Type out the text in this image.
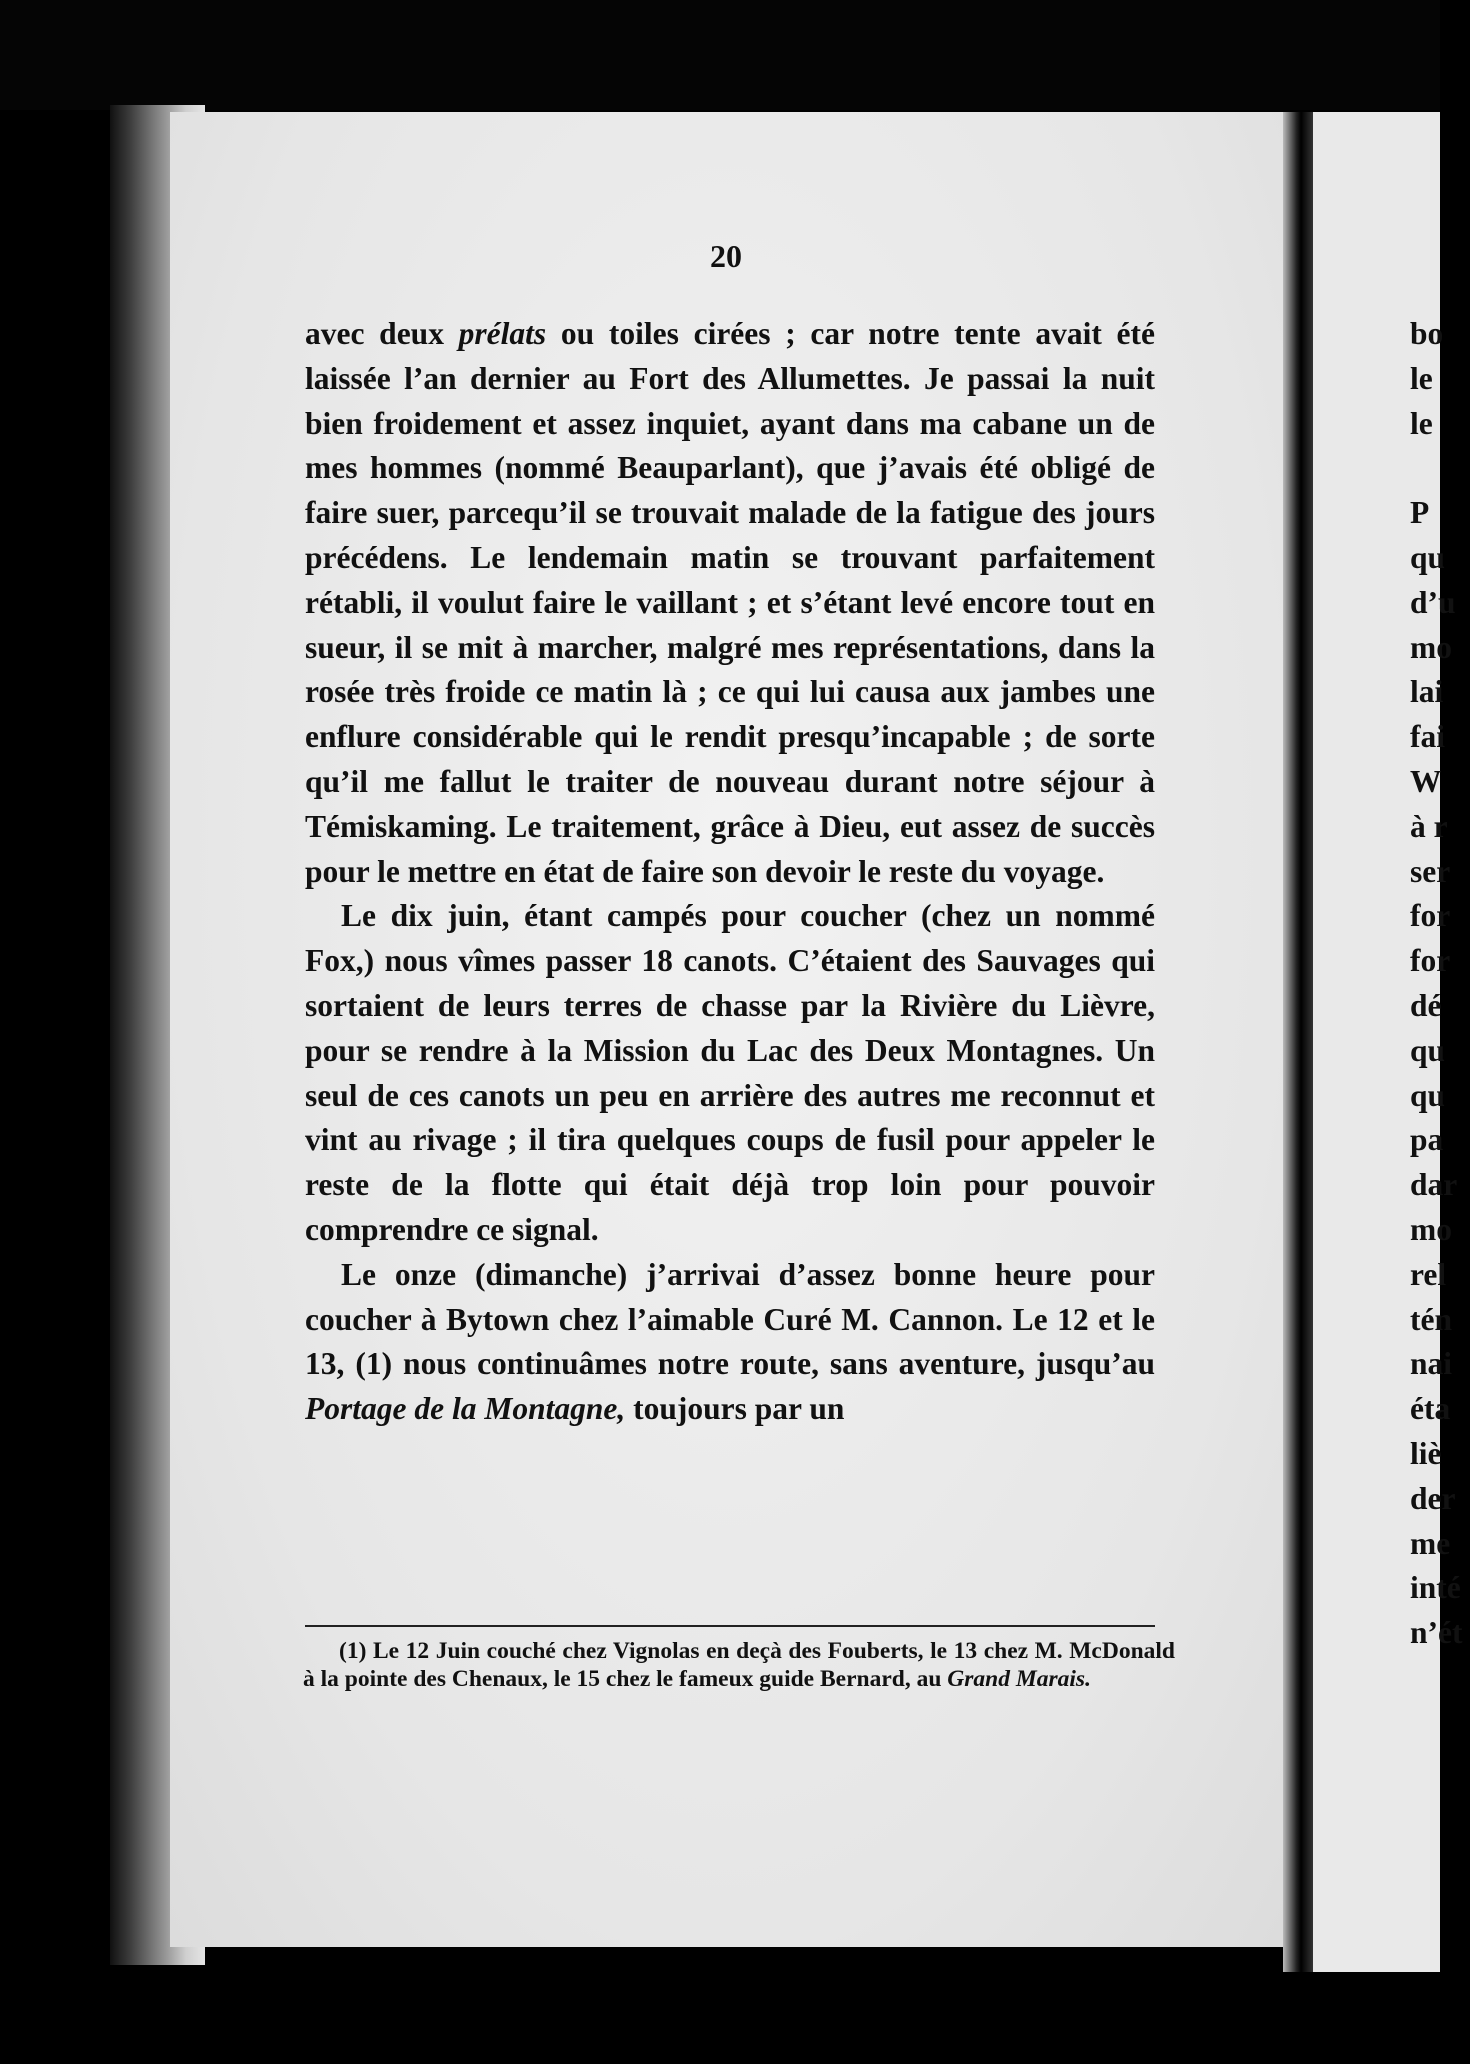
20

avec deux prélats ou toiles cirées ; car notre tente avait été laissée l’an dernier au Fort des Allumettes. Je passai la nuit bien froidement et assez inquiet, ayant dans ma cabane un de mes hommes (nommé Beauparlant), que j’avais été obligé de faire suer, parcequ’il se trouvait malade de la fatigue des jours précédens. Le lendemain matin se trouvant parfaitement rétabli, il voulut faire le vaillant ; et s’étant levé encore tout en sueur, il se mit à marcher, malgré mes représentations, dans la rosée très froide ce matin là ; ce qui lui causa aux jambes une enflure considérable qui le rendit presqu’incapable ; de sorte qu’il me fallut le traiter de nouveau durant notre séjour à Témiskaming. Le traitement, grâce à Dieu, eut assez de succès pour le mettre en état de faire son devoir le reste du voyage.

Le dix juin, étant campés pour coucher (chez un nommé Fox,) nous vîmes passer 18 canots. C’étaient des Sauvages qui sortaient de leurs terres de chasse par la Rivière du Lièvre, pour se rendre à la Mission du Lac des Deux Montagnes. Un seul de ces canots un peu en arrière des autres me reconnut et vint au rivage ; il tira quelques coups de fusil pour appeler le reste de la flotte qui était déjà trop loin pour pouvoir comprendre ce signal.

Le onze (dimanche) j’arrivai d’assez bonne heure pour coucher à Bytown chez l’aimable Curé M. Cannon. Le 12 et le 13, (1) nous continuâmes notre route, sans aventure, jusqu’au Portage de la Montagne, toujours par un

(1) Le 12 Juin couché chez Vignolas en deçà des Fouberts, le 13 chez M. McDonald à la pointe des Chenaux, le 15 chez le fameux guide Bernard, au Grand Marais.

bo
le
le
P
qu
d’u
mo
lai
fai
W
à r
ser
for
for
dé
qu
qu
pa
dar
mo
rel
tén
nai
éta
liè
der
me
inté
n’ét
